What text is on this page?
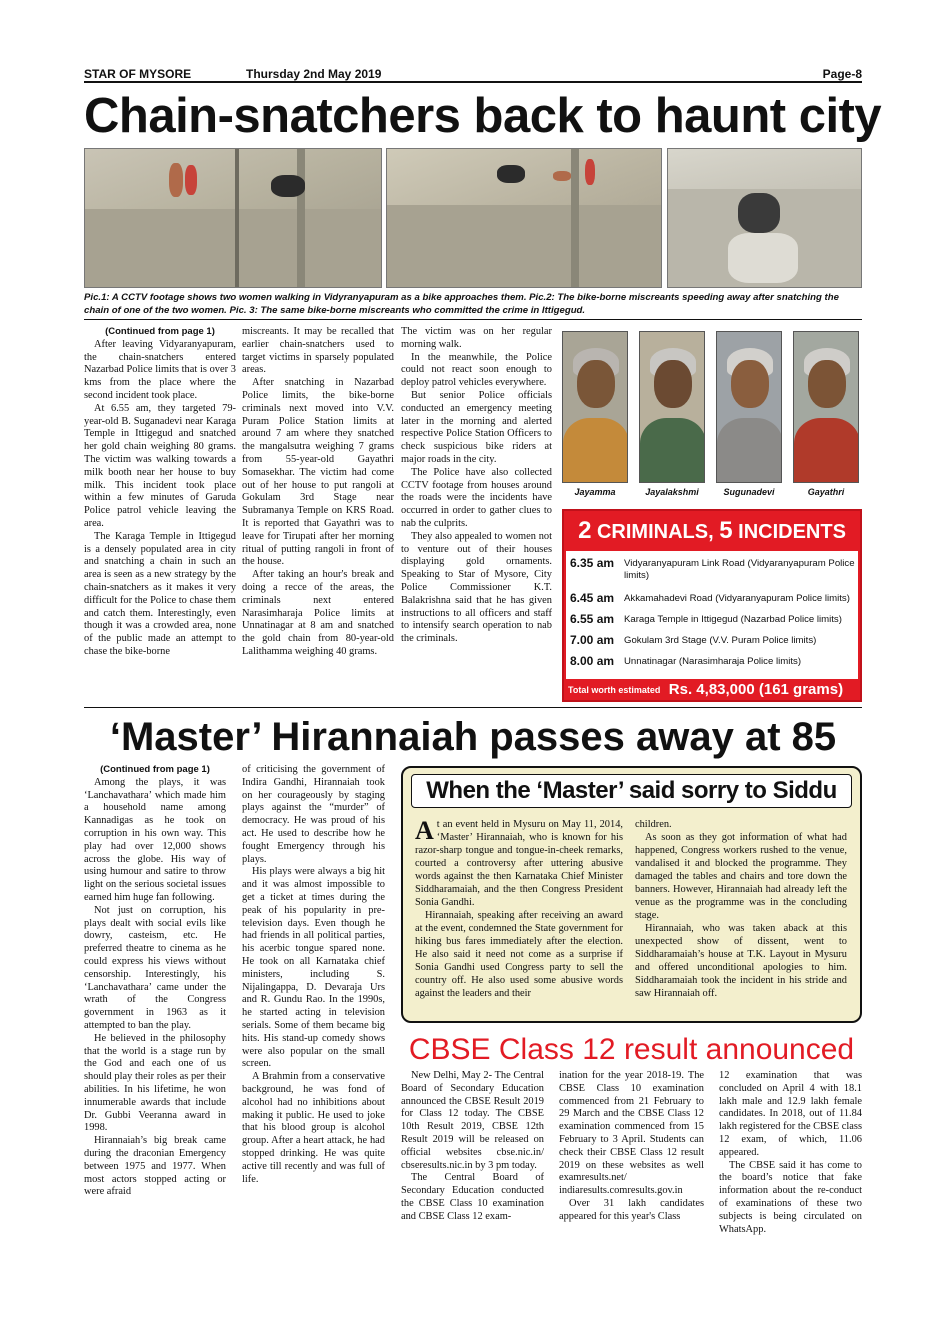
STAR OF MYSORE	Thursday 2nd May 2019	Page-8
Chain-snatchers back to haunt city
Pic.1: A CCTV footage shows two women walking in Vidyranyapuram as a bike approaches them. Pic.2: The bike-borne miscreants speeding away after snatching the chain of one of the two women. Pic. 3: The same bike-borne miscreants who committed the crime in Ittigegud.

(Continued from page 1)

After leaving Vidyaranyapuram, the chain-snatchers entered Nazarbad Police limits that is over 3 kms from the place where the second incident took place.

At 6.55 am, they targeted 79-year-old B. Suganadevi near Karaga Temple in Ittigegud and snatched her gold chain weighing 80 grams. The victim was walking towards a milk booth near her house to buy milk. This incident took place within a few minutes of Garuda Police patrol vehicle leaving the area.

The Karaga Temple in Ittigegud is a densely populated area in city and snatching a chain in such an area is seen as a new strategy by the chain-snatchers as it makes it very difficult for the Police to chase them and catch them. Interestingly, even though it was a crowded area, none of the public made an attempt to chase the bike-borne

miscreants. It may be recalled that earlier chain-snatchers used to target victims in sparsely populated areas.

After snatching in Nazarbad Police limits, the bike-borne criminals next moved into V.V. Puram Police Station limits at around 7 am where they snatched the mangalsutra weighing 7 grams from 55-year-old Gayathri Somasekhar. The victim had come out of her house to put rangoli at Gokulam 3rd Stage near Subramanya Temple on KRS Road. It is reported that Gayathri was to leave for Tirupati after her morning ritual of putting rangoli in front of the house.

After taking an hour's break and doing a recce of the areas, the criminals next entered Narasimharaja Police limits at Unnatinagar at 8 am and snatched the gold chain from 80-year-old Lalithamma weighing 40 grams.

The victim was on her regular morning walk.

In the meanwhile, the Police could not react soon enough to deploy patrol vehicles everywhere.

But senior Police officials conducted an emergency meeting later in the morning and alerted respective Police Station Officers to check suspicious bike riders at major roads in the city.

The Police have also collected CCTV footage from houses around the roads were the incidents have occurred in order to gather clues to nab the culprits.

They also appealed to women not to venture out of their houses displaying gold ornaments. Speaking to Star of Mysore, City Police Commissioner K.T. Balakrishna said that he has given instructions to all officers and staff to intensify search operation to nab the criminals.

Jayamma	Jayalakshmi	Sugunadevi	Gayathri
2 CRIMINALS, 5 INCIDENTS
6.35 am Vidyaranyapuram Link Road (Vidyaranyapuram Police limits)
6.45 am Akkamahadevi Road (Vidyaranyapuram Police limits)
6.55 am Karaga Temple in Ittigegud (Nazarbad Police limits)
7.00 am Gokulam 3rd Stage (V.V. Puram Police limits)
8.00 am Unnatinagar (Narasimharaja Police limits)
Total worth estimated Rs. 4,83,000 (161 grams)
‘Master’ Hirannaiah passes away at 85

(Continued from page 1)

Among the plays, it was ‘Lanchavathara’ which made him a household name among Kannadigas as he took on corruption in his own way. This play had over 12,000 shows across the globe. His way of using humour and satire to throw light on the serious societal issues earned him huge fan following.

Not just on corruption, his plays dealt with social evils like dowry, casteism, etc. He preferred theatre to cinema as he could express his views without censorship. Interestingly, his ‘Lanchavathara’ came under the wrath of the Congress government in 1963 as it attempted to ban the play.

He believed in the philosophy that the world is a stage run by the God and each one of us should play their roles as per their abilities. In his lifetime, he won innumerable awards that include Dr. Gubbi Veeranna award in 1998.

Hirannaiah’s big break came during the draconian Emergency between 1975 and 1977. When most actors stopped acting or were afraid

of criticising the government of Indira Gandhi, Hirannaiah took on her courageously by staging plays against the “murder” of democracy. He was proud of his act. He used to describe how he fought Emergency through his plays.

His plays were always a big hit and it was almost impossible to get a ticket at times during the peak of his popularity in pre-television days. Even though he had friends in all political parties, his acerbic tongue spared none. He took on all Karnataka chief ministers, including S. Nijalingappa, D. Devaraja Urs and R. Gundu Rao. In the 1990s, he started acting in television serials. Some of them became big hits. His stand-up comedy shows were also popular on the small screen.

A Brahmin from a conservative background, he was fond of alcohol had no inhibitions about making it public. He used to joke that his blood group is alcohol group. After a heart attack, he had stopped drinking. He was quite active till recently and was full of life.

When the ‘Master’ said sorry to Siddu

At an event held in Mysuru on May 11, 2014, ‘Master’ Hirannaiah, who is known for his razor-sharp tongue and tongue-in-cheek remarks, courted a controversy after uttering abusive words against the then Karnataka Chief Minister Siddharamaiah, and the then Congress President Sonia Gandhi.

Hirannaiah, speaking after receiving an award at the event, condemned the State government for hiking bus fares immediately after the election. He also said it need not come as a surprise if Sonia Gandhi used Congress party to sell the country off. He also used some abusive words against the leaders and their

children.

As soon as they got information of what had happened, Congress workers rushed to the venue, vandalised it and blocked the programme. They damaged the tables and chairs and tore down the banners. However, Hirannaiah had already left the venue as the programme was in the concluding stage.

Hirannaiah, who was taken aback at this unexpected show of dissent, went to Siddharamaiah’s house at T.K. Layout in Mysuru and offered unconditional apologies to him. Siddharamaiah took the incident in his stride and saw Hirannaiah off.

CBSE Class 12 result announced

New Delhi, May 2- The Central Board of Secondary Education announced the CBSE Result 2019 for Class 12 today. The CBSE 10th Result 2019, CBSE 12th Result 2019 will be released on official websites cbse.nic.in/ cbseresults.nic.in by 3 pm today.

The Central Board of Secondary Education conducted the CBSE Class 10 examination and CBSE Class 12 exam-

ination for the year 2018-19. The CBSE Class 10 examination commenced from 21 February to 29 March and the CBSE Class 12 examination commenced from 15 February to 3 April. Students can check their CBSE Class 12 result 2019 on these websites as well examresults.net/ indiaresults.comresults.gov.in

Over 31 lakh candidates appeared for this year's Class

12 examination that was concluded on April 4 with 18.1 lakh male and 12.9 lakh female candidates. In 2018, out of 11.84 lakh registered for the CBSE class 12 exam, of which, 11.06 appeared.

The CBSE said it has come to the board’s notice that fake information about the re-conduct of examinations of these two subjects is being circulated on WhatsApp.
